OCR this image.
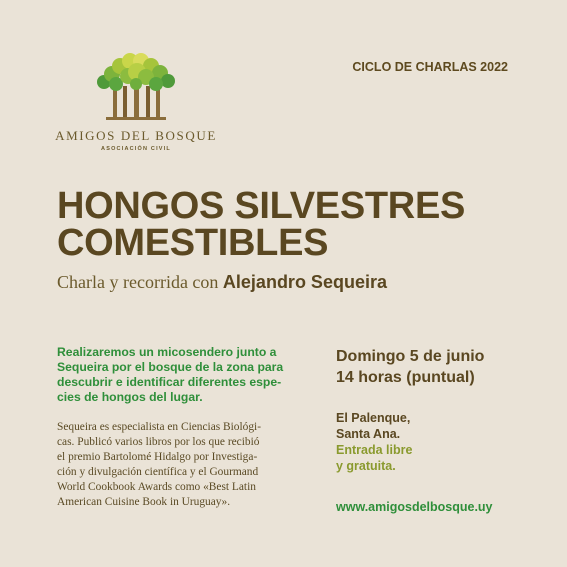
AMIGOS DEL BOSQUE
ASOCIACIÓN CIVIL
CICLO DE CHARLAS 2022
HONGOS SILVESTRES
COMESTIBLES
Charla y recorrida con Alejandro Sequeira
Realizaremos un micosendero junto a
Sequeira por el bosque de la zona para
descubrir e identificar diferentes espe-
cies de hongos del lugar.
Sequeira es especialista en Ciencias Biológi-
cas. Publicó varios libros por los que recibió
el premio Bartolomé Hidalgo por Investiga-
ción y divulgación científica y el Gourmand
World Cookbook Awards como «Best Latin
American Cuisine Book in Uruguay».
Domingo 5 de junio
14 horas (puntual)
El Palenque,
Santa Ana.
Entrada libre
y gratuita.
www.amigosdelbosque.uy
